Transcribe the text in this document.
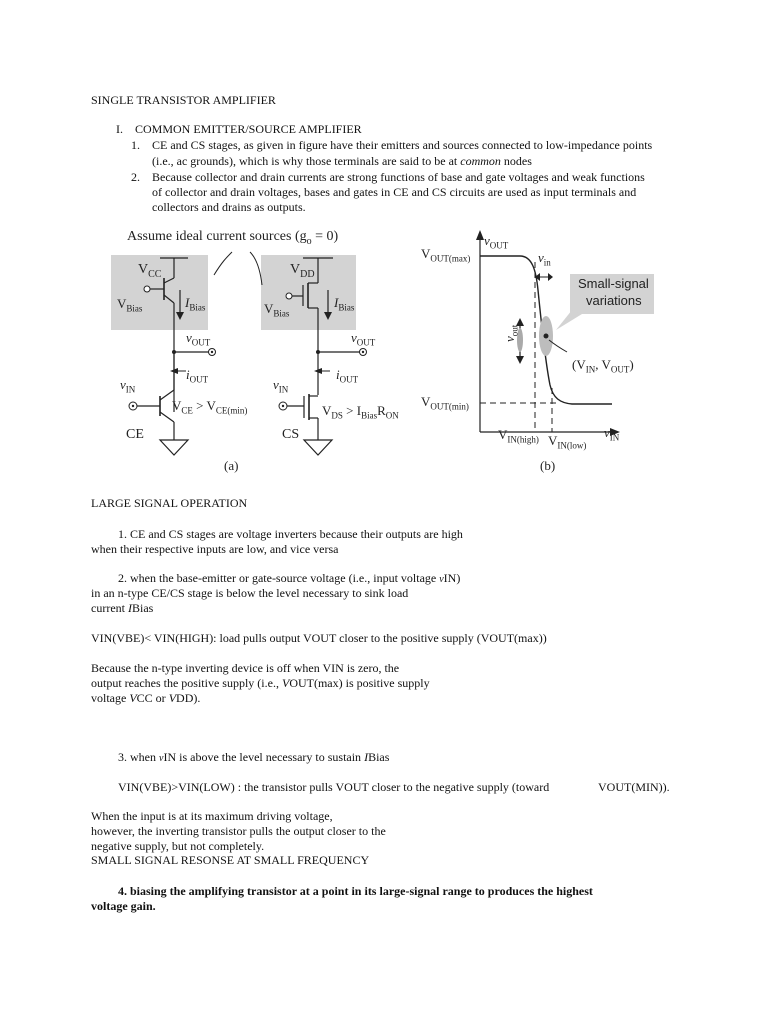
SINGLE TRANSISTOR AMPLIFIER
I. COMMON EMITTER/SOURCE AMPLIFIER
1. CE and CS stages, as given in figure have their emitters and sources connected to low-impedance points
(i.e., ac grounds), which is why those terminals are said to be at common nodes
2. Because collector and drain currents are strong functions of base and gate voltages and weak functions
of collector and drain voltages, bases and gates in CE and CS circuits are used as input terminals and
collectors and drains as outputs.
Assume ideal current sources $(g_o = 0)$
$V_{CC}$
$V_{Bias}$	$I_{Bias}$
$V_{DD}$
$V_{Bias}$
$I_{Bias}$
$v_{OUT}$
$i_{OUT}$
$v_{IN}$
$V_{CE} > V_{CE(min)}$
CE
$v_{OUT}$
$i_{OUT}$
$v_{IN}$
$V_{DS} > I_{Bias}R_{ON}$
CS
(a)
$v_{OUT}$
$V_{OUT(max)}$	$v_{in}$
$v_{out}$
Small-signal
variations
($V_{IN}$, $V_{OUT}$)
$V_{OUT(min)}$
$V_{IN(high)}$ $V_{IN(low)}$
$v_{IN}$
(b)
LARGE SIGNAL OPERATION
1. CE and CS stages are voltage inverters because their outputs are high
when their respective inputs are low, and vice versa
2. when the base-emitter or gate-source voltage (i.e., input voltage vIN)
in an n-type CE/CS stage is below the level necessary to sink load
current IBias
VIN(VBE)< VIN(HIGH): load pulls output VOUT closer to the positive supply (VOUT(max))
Because the n-type inverting device is off when VIN is zero, the
output reaches the positive supply (i.e., VOUT(max) is positive supply
voltage VCC or VDD).
3. when vIN is above the level necessary to sustain IBias
VIN(VBE)>VIN(LOW) : the transistor pulls VOUT closer to the negative supply (toward	VOUT(MIN)).
When the input is at its maximum driving voltage,
however, the inverting transistor pulls the output closer to the
negative supply, but not completely.
SMALL SIGNAL RESONSE AT SMALL FREQUENCY
4. biasing the amplifying transistor at a point in its large-signal range to produces the highest
voltage gain.
